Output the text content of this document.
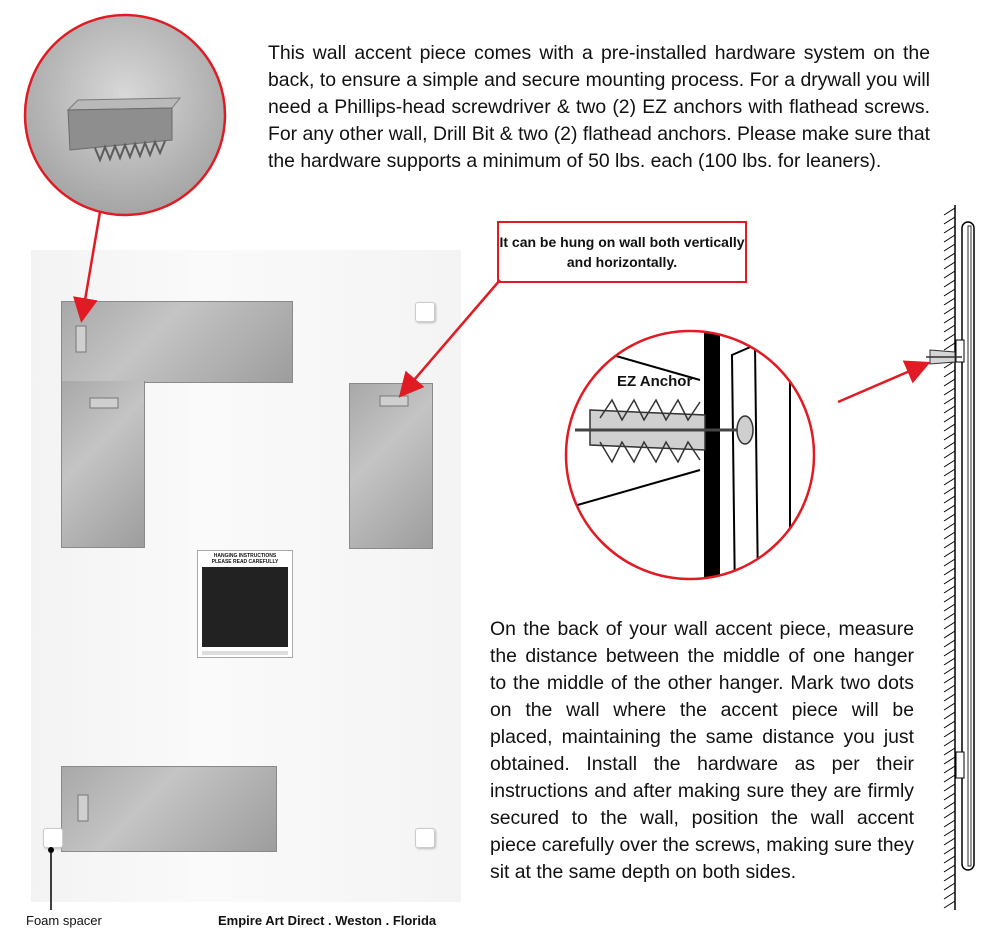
This wall accent piece comes with a pre-installed hardware system on the back, to ensure a simple and secure mounting process. For a drywall you will need a Phillips-head screwdriver & two (2) EZ anchors with flathead screws. For any other wall, Drill Bit & two (2) flathead anchors. Please make sure that the hardware supports a minimum of 50 lbs. each (100 lbs. for leaners).
HANGING INSTRUCTIONS
PLEASE READ CAREFULLY
It can be hung on wall both vertically and horizontally.
EZ Anchor
On the back of your wall accent piece, measure the distance between the middle of one hanger to the middle of the other hanger. Mark two dots on the wall where the accent piece will be placed, maintaining the same distance you just obtained. Install the hardware as per their instructions and after making sure they are firmly secured to the wall, position the wall accent piece carefully over the screws, making sure they sit at the same depth on both sides.
Foam spacer	Empire Art Direct . Weston . Florida
